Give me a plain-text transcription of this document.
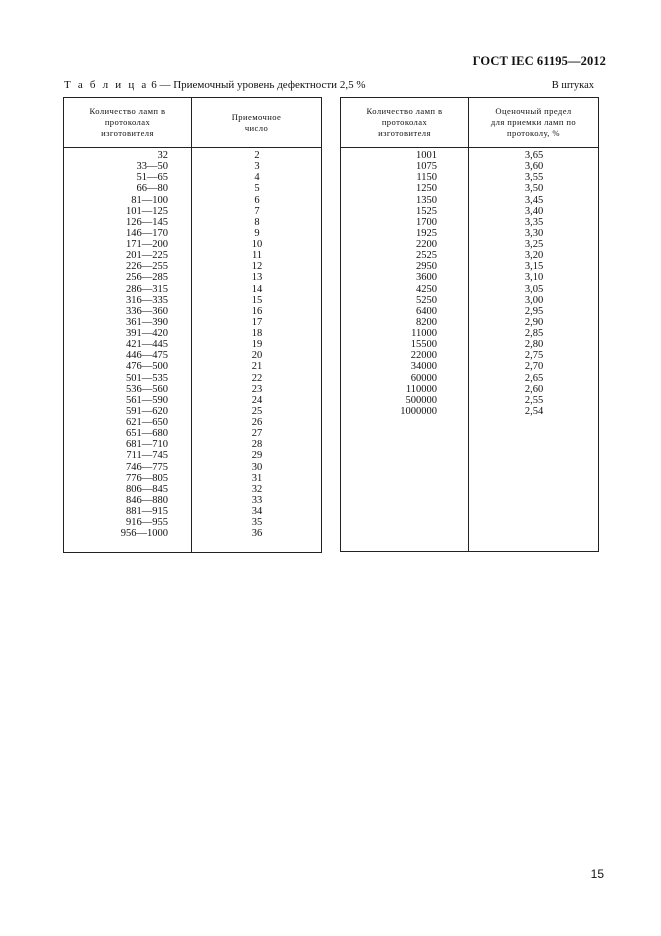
ГОСТ IEC 61195—2012
Т а б л и ц а 6 — Приемочный уровень дефектности 2,5 %	В штуках
Количество ламп в
протоколах
изготовителя
Приемочное
число
32
33—50
51—65
66—80
81—100
101—125
126—145
146—170
171—200
201—225
226—255
256—285
286—315
316—335
336—360
361—390
391—420
421—445
446—475
476—500
501—535
536—560
561—590
591—620
621—650
651—680
681—710
711—745
746—775
776—805
806—845
846—880
881—915
916—955
956—1000
2
3
4
5
6
7
8
9
10
11
12
13
14
15
16
17
18
19
20
21
22
23
24
25
26
27
28
29
30
31
32
33
34
35
36
Количество ламп в
протоколах
изготовителя
Оценочный предел
для приемки ламп по
протоколу, %
1001
1075
1150
1250
1350
1525
1700
1925
2200
2525
2950
3600
4250
5250
6400
8200
11000
15500
22000
34000
60000
110000
500000
1000000
3,65
3,60
3,55
3,50
3,45
3,40
3,35
3,30
3,25
3,20
3,15
3,10
3,05
3,00
2,95
2,90
2,85
2,80
2,75
2,70
2,65
2,60
2,55
2,54
15
